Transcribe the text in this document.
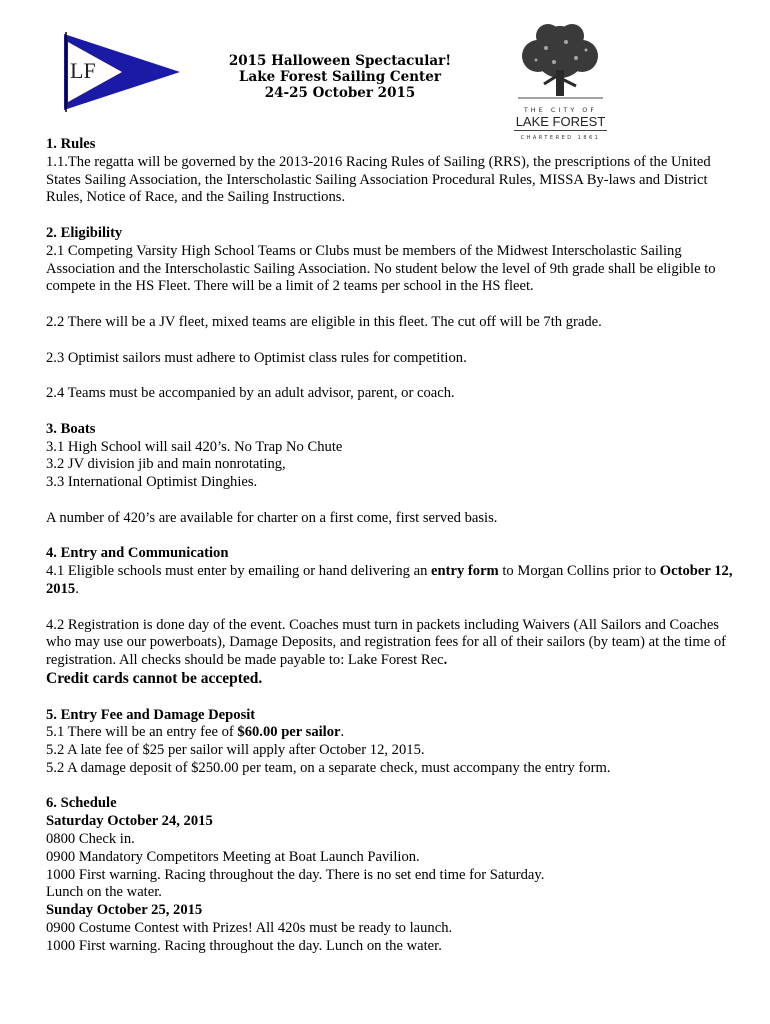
LF	2015 Halloween Spectacular!
Lake Forest Sailing Center
24-25 October 2015
THE CITY OF
LAKE FOREST
CHARTERED 1861

1. Rules

1.1.The regatta will be governed by the 2013-2016 Racing Rules of Sailing (RRS), the prescriptions of the United States Sailing Association, the Interscholastic Sailing Association Procedural Rules, MISSA By-laws and District Rules, Notice of Race, and the Sailing Instructions.

2. Eligibility

2.1 Competing Varsity High School Teams or Clubs must be members of the Midwest Interscholastic Sailing Association and the Interscholastic Sailing Association. No student below the level of 9th grade shall be eligible to compete in the HS Fleet. There will be a limit of 2 teams per school in the HS fleet.

2.2 There will be a JV fleet, mixed teams are eligible in this fleet. The cut off will be 7th grade.

2.3 Optimist sailors must adhere to Optimist class rules for competition.

2.4 Teams must be accompanied by an adult advisor, parent, or coach.

3. Boats

3.1 High School will sail 420’s. No Trap No Chute

3.2 JV division jib and main nonrotating,

3.3 International Optimist Dinghies.

A number of 420’s are available for charter on a first come, first served basis.

4. Entry and Communication

4.1 Eligible schools must enter by emailing or hand delivering an entry form to Morgan Collins prior to October 12, 2015.

4.2 Registration is done day of the event. Coaches must turn in packets including Waivers (All Sailors and Coaches who may use our powerboats), Damage Deposits, and registration fees for all of their sailors (by team) at the time of registration. All checks should be made payable to: Lake Forest Rec.
Credit cards cannot be accepted.

5. Entry Fee and Damage Deposit

5.1 There will be an entry fee of $60.00 per sailor.

5.2 A late fee of $25 per sailor will apply after October 12, 2015.

5.2 A damage deposit of $250.00 per team, on a separate check, must accompany the entry form.

6. Schedule

Saturday October 24, 2015

0800 Check in.

0900 Mandatory Competitors Meeting at Boat Launch Pavilion.

1000 First warning. Racing throughout the day. There is no set end time for Saturday.

Lunch on the water.

Sunday October 25, 2015

0900 Costume Contest with Prizes! All 420s must be ready to launch.

1000 First warning. Racing throughout the day. Lunch on the water.
